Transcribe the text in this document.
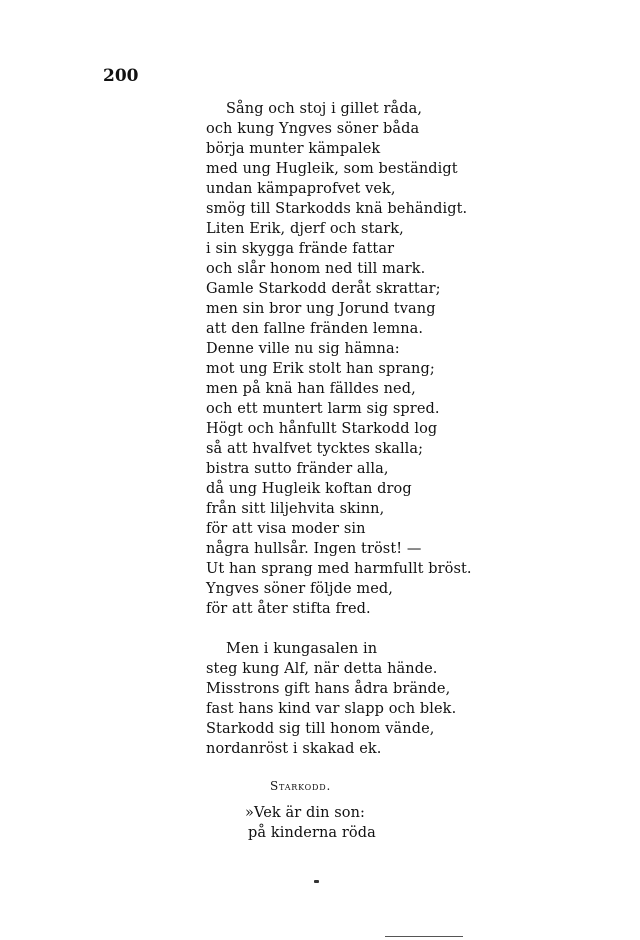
200
Sång och stoj i gillet råda,
och kung Yngves söner båda
börja munter kämpalek
med ung Hugleik, som beständigt
undan kämpaprofvet vek,
smög till Starkodds knä behändigt.
Liten Erik, djerf och stark,
i sin skygga frände fattar
och slår honom ned till mark.
Gamle Starkodd deråt skrattar;
men sin bror ung Jorund tvang
att den fallne fränden lemna.
Denne ville nu sig hämna:
mot ung Erik stolt han sprang;
men på knä han fälldes ned,
och ett muntert larm sig spred.
Högt och hånfullt Starkodd log
så att hvalfvet tycktes skalla;
bistra sutto fränder alla,
då ung Hugleik koftan drog
från sitt liljehvita skinn,
för att visa moder sin
några hullsår. Ingen tröst! —
Ut han sprang med harmfullt bröst.
Yngves söner följde med,
för att åter stifta fred.
Men i kungasalen in
steg kung Alf, när detta hände.
Misstrons gift hans ådra brände,
fast hans kind var slapp och blek.
Starkodd sig till honom vände,
nordanröst i skakad ek.
Starkodd.
»Vek är din son:
på kinderna röda
